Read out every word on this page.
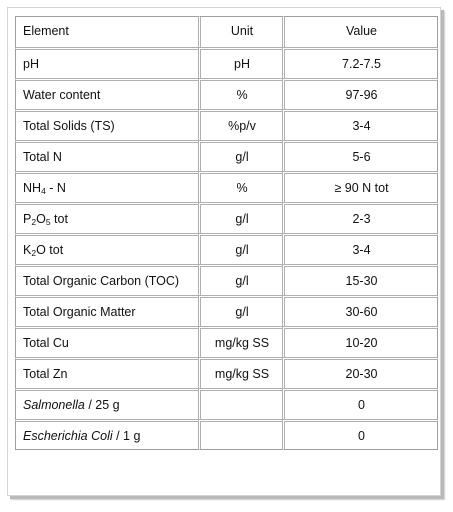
Element	Unit	Value
pH	pH	7.2-7.5
Water content	%	97-96
Total Solids (TS)	%p/v	3-4
Total N	g/l	5-6
$NH_4$ - N	%	≥ 90 N tot
$P_2O_5$ tot	g/l	2-3
$K_2O$ tot	g/l	3-4
Total Organic Carbon (TOC)	g/l	15-30
Total Organic Matter	g/l	30-60
Total Cu	mg/kg SS	10-20
Total Zn	mg/kg SS	20-30
Salmonella / 25 g		0
Escherichia Coli / 1 g		0
